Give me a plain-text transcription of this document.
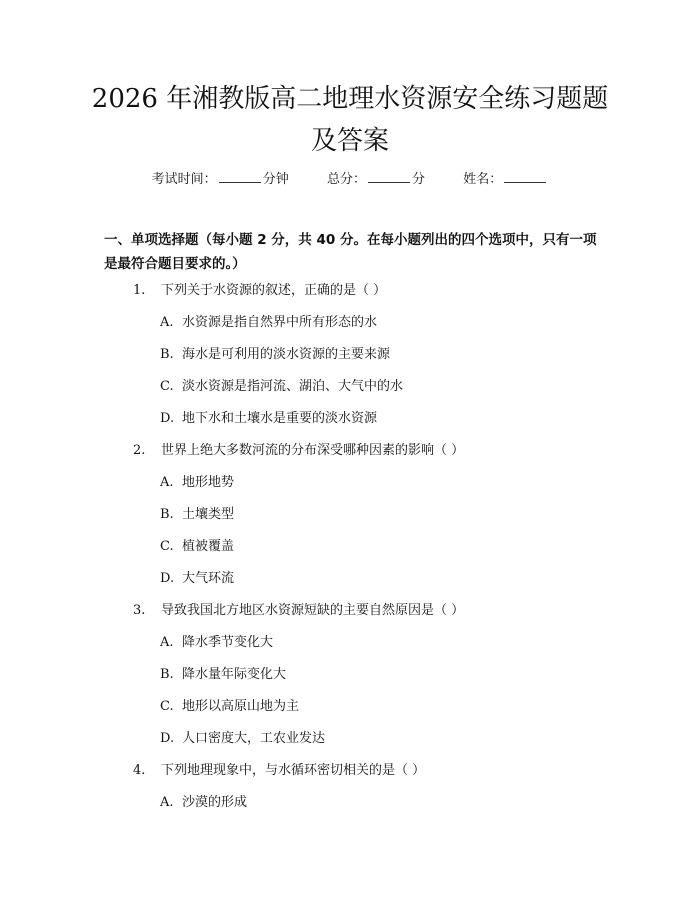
2026 年湘教版高二地理水资源安全练习题题
及答案
考试时间：	分钟	总分：	分	姓名：
一、单项选择题（每小题 2 分，共 40 分。在每小题列出的四个选项中，只有一项是最符合题目要求的。）
1. 下列关于水资源的叙述，正确的是（ ）
A. 水资源是指自然界中所有形态的水
B. 海水是可利用的淡水资源的主要来源
C. 淡水资源是指河流、湖泊、大气中的水
D. 地下水和土壤水是重要的淡水资源
2. 世界上绝大多数河流的分布深受哪种因素的影响（ ）
A. 地形地势
B. 土壤类型
C. 植被覆盖
D. 大气环流
3. 导致我国北方地区水资源短缺的主要自然原因是（ ）
A. 降水季节变化大
B. 降水量年际变化大
C. 地形以高原山地为主
D. 人口密度大，工农业发达
4. 下列地理现象中，与水循环密切相关的是（ ）
A. 沙漠的形成
